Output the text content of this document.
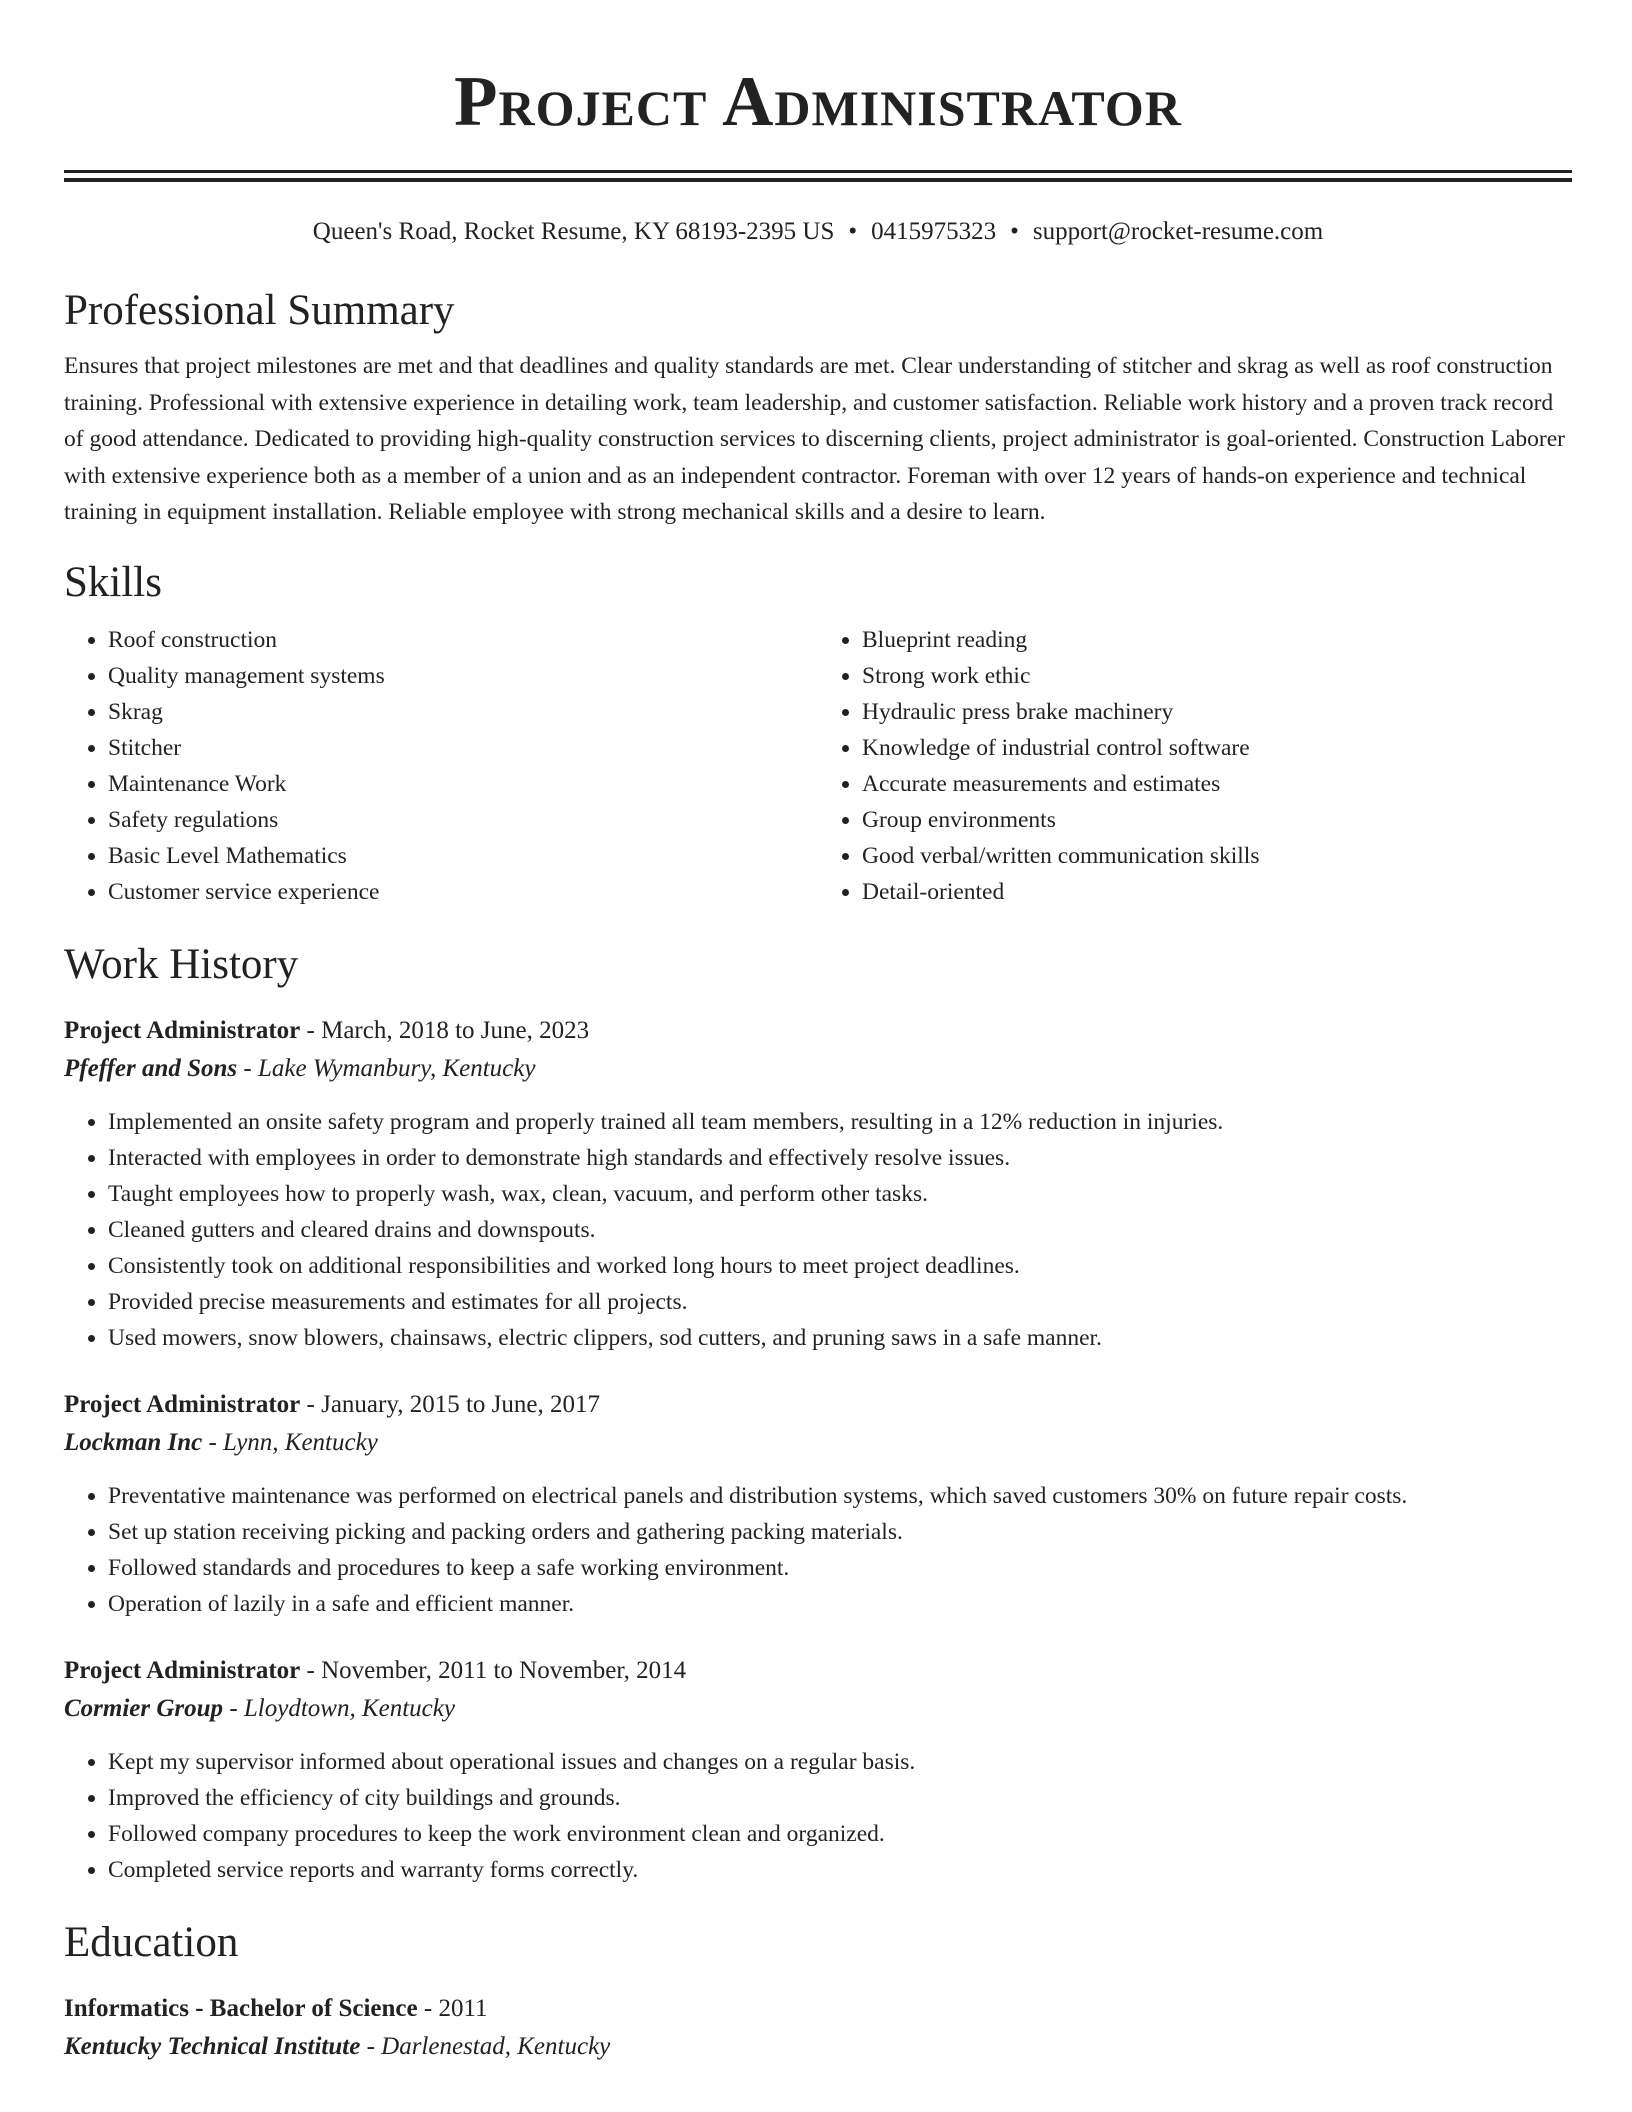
Project Administrator
Queen's Road, Rocket Resume, KY 68193-2395 US • 0415975323 • support@rocket-resume.com
Professional Summary
Ensures that project milestones are met and that deadlines and quality standards are met. Clear understanding of stitcher and skrag as well as roof construction training. Professional with extensive experience in detailing work, team leadership, and customer satisfaction. Reliable work history and a proven track record of good attendance. Dedicated to providing high-quality construction services to discerning clients, project administrator is goal-oriented. Construction Laborer with extensive experience both as a member of a union and as an independent contractor. Foreman with over 12 years of hands-on experience and technical training in equipment installation. Reliable employee with strong mechanical skills and a desire to learn.
Skills
• Roof construction
• Quality management systems
• Skrag
• Stitcher
• Maintenance Work
• Safety regulations
• Basic Level Mathematics
• Customer service experience
• Blueprint reading
• Strong work ethic
• Hydraulic press brake machinery
• Knowledge of industrial control software
• Accurate measurements and estimates
• Group environments
• Good verbal/written communication skills
• Detail-oriented
Work History
Project Administrator - March, 2018 to June, 2023
Pfeffer and Sons - Lake Wymanbury, Kentucky
• Implemented an onsite safety program and properly trained all team members, resulting in a 12% reduction in injuries.
• Interacted with employees in order to demonstrate high standards and effectively resolve issues.
• Taught employees how to properly wash, wax, clean, vacuum, and perform other tasks.
• Cleaned gutters and cleared drains and downspouts.
• Consistently took on additional responsibilities and worked long hours to meet project deadlines.
• Provided precise measurements and estimates for all projects.
• Used mowers, snow blowers, chainsaws, electric clippers, sod cutters, and pruning saws in a safe manner.
Project Administrator - January, 2015 to June, 2017
Lockman Inc - Lynn, Kentucky
• Preventative maintenance was performed on electrical panels and distribution systems, which saved customers 30% on future repair costs.
• Set up station receiving picking and packing orders and gathering packing materials.
• Followed standards and procedures to keep a safe working environment.
• Operation of lazily in a safe and efficient manner.
Project Administrator - November, 2011 to November, 2014
Cormier Group - Lloydtown, Kentucky
• Kept my supervisor informed about operational issues and changes on a regular basis.
• Improved the efficiency of city buildings and grounds.
• Followed company procedures to keep the work environment clean and organized.
• Completed service reports and warranty forms correctly.
Education
Informatics - Bachelor of Science - 2011
Kentucky Technical Institute - Darlenestad, Kentucky
